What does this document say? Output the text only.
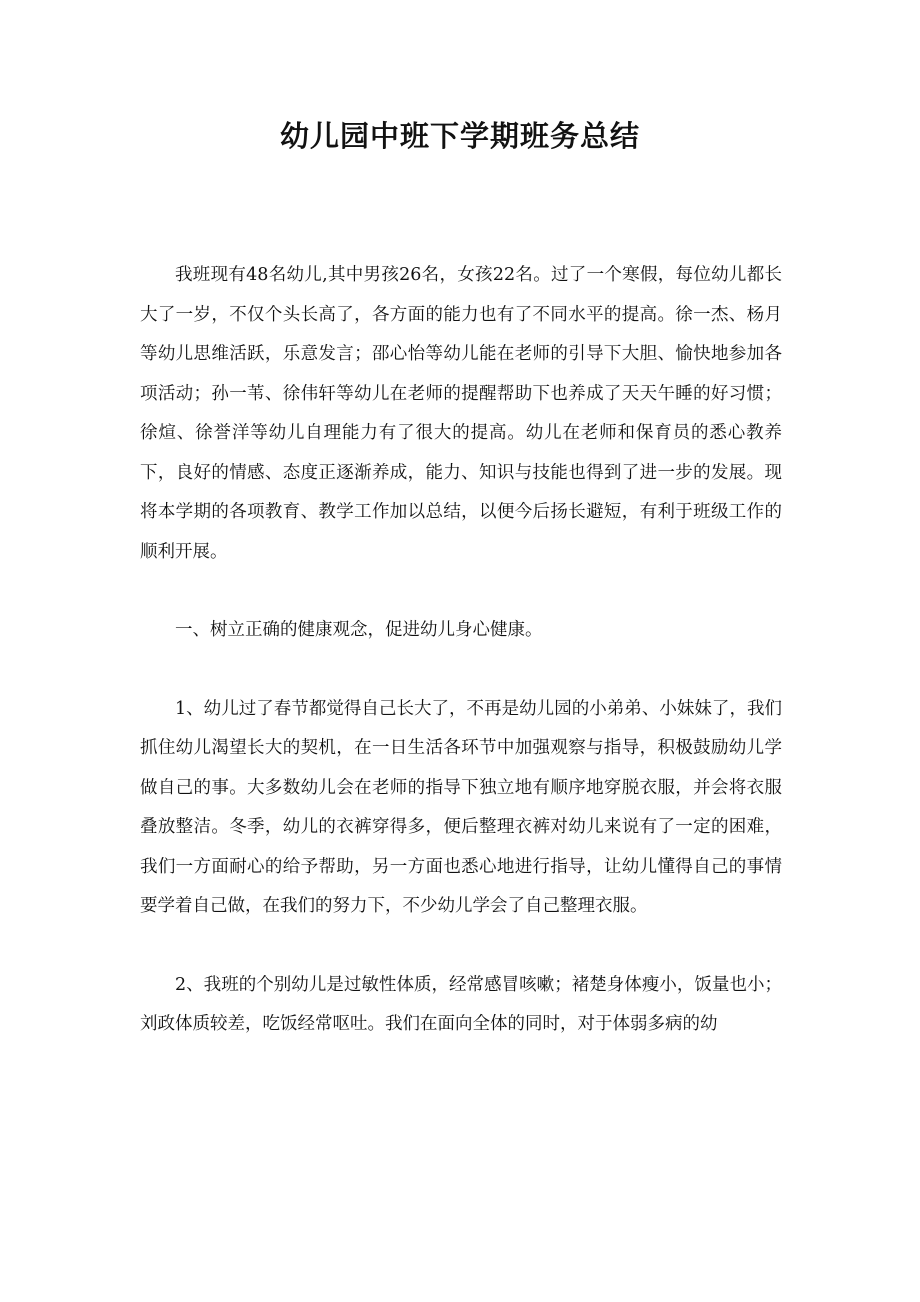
幼儿园中班下学期班务总结

我班现有48名幼儿,其中男孩26名，女孩22名。过了一个寒假，每位幼儿都长大了一岁，不仅个头长高了，各方面的能力也有了不同水平的提高。徐一杰、杨月等幼儿思维活跃，乐意发言；邵心怡等幼儿能在老师的引导下大胆、愉快地参加各项活动；孙一苇、徐伟轩等幼儿在老师的提醒帮助下也养成了天天午睡的好习惯；徐煊、徐誉洋等幼儿自理能力有了很大的提高。幼儿在老师和保育员的悉心教养下，良好的情感、态度正逐渐养成，能力、知识与技能也得到了进一步的发展。现将本学期的各项教育、教学工作加以总结，以便今后扬长避短，有利于班级工作的顺利开展。

一、树立正确的健康观念，促进幼儿身心健康。

1、幼儿过了春节都觉得自己长大了，不再是幼儿园的小弟弟、小妹妹了，我们抓住幼儿渴望长大的契机，在一日生活各环节中加强观察与指导，积极鼓励幼儿学做自己的事。大多数幼儿会在老师的指导下独立地有顺序地穿脱衣服，并会将衣服叠放整洁。冬季，幼儿的衣裤穿得多，便后整理衣裤对幼儿来说有了一定的困难，我们一方面耐心的给予帮助，另一方面也悉心地进行指导，让幼儿懂得自己的事情要学着自己做，在我们的努力下，不少幼儿学会了自己整理衣服。

2、我班的个别幼儿是过敏性体质，经常感冒咳嗽；褚楚身体瘦小，饭量也小；刘政体质较差，吃饭经常呕吐。我们在面向全体的同时，对于体弱多病的幼
